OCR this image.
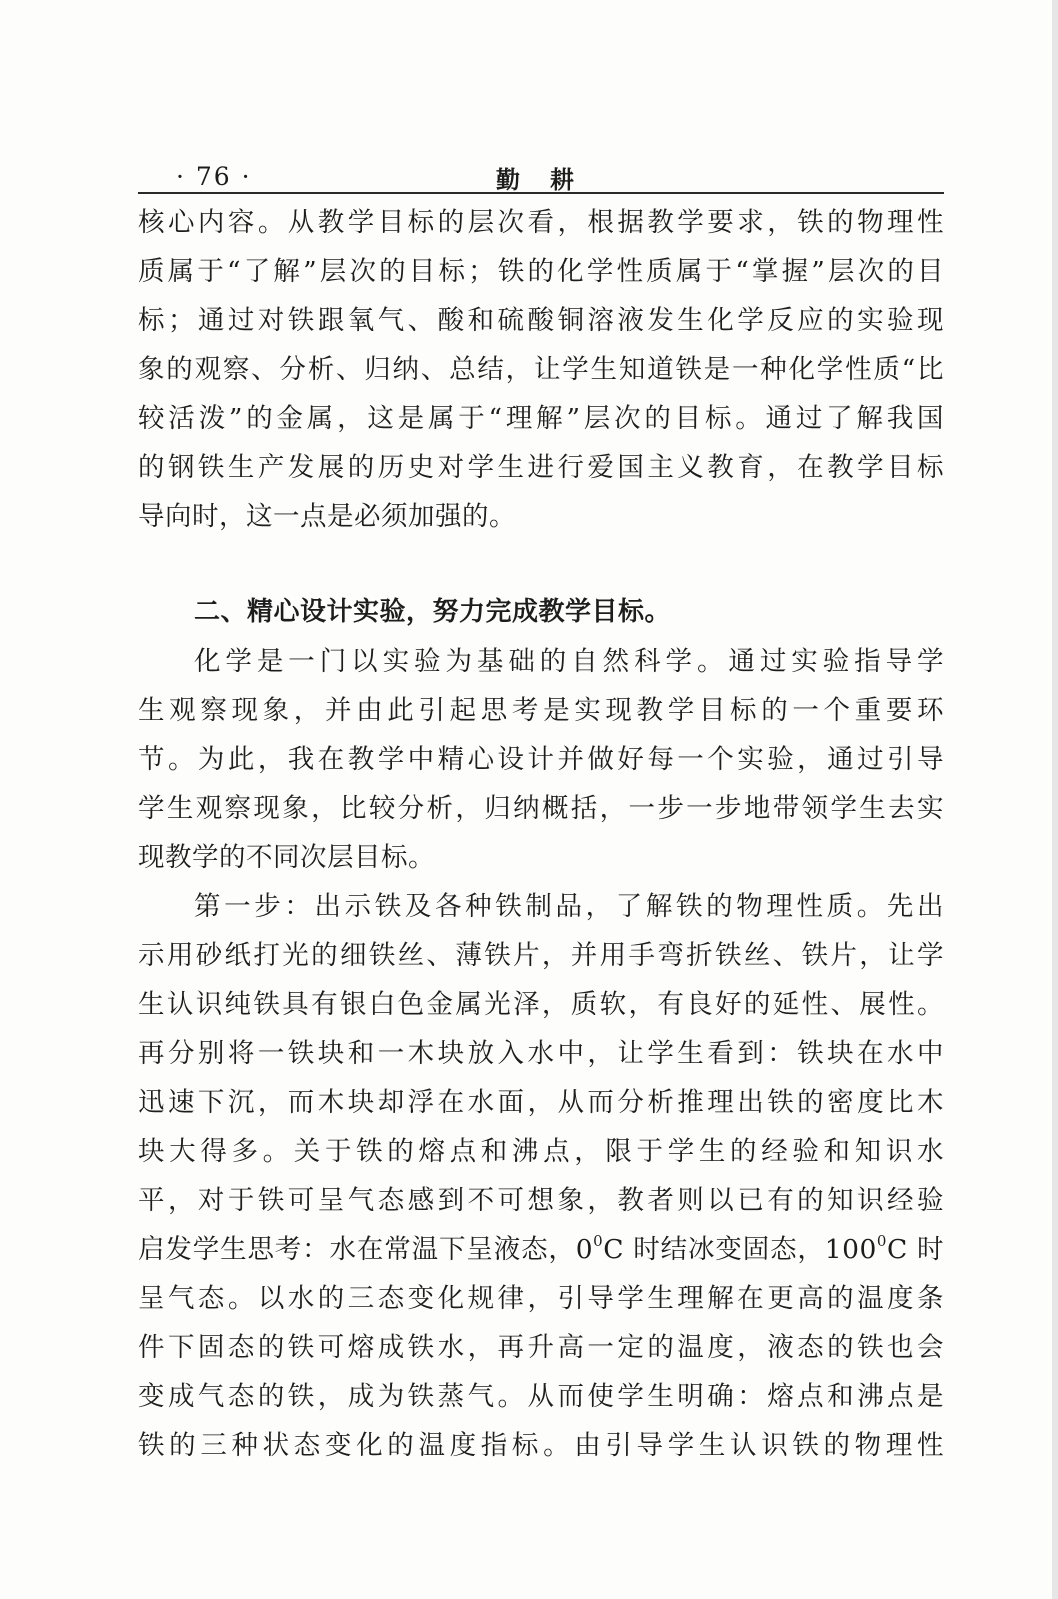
· 76 ·	勤耕
核心内容。从教学目标的层次看，根据教学要求，铁的物理性
质属于“了解”层次的目标；铁的化学性质属于“掌握”层次的目
标；通过对铁跟氧气、酸和硫酸铜溶液发生化学反应的实验现
象的观察、分析、归纳、总结，让学生知道铁是一种化学性质“比
较活泼”的金属，这是属于“理解”层次的目标。通过了解我国
的钢铁生产发展的历史对学生进行爱国主义教育，在教学目标
导向时，这一点是必须加强的。
二、精心设计实验，努力完成教学目标。
化学是一门以实验为基础的自然科学。通过实验指导学
生观察现象，并由此引起思考是实现教学目标的一个重要环
节。为此，我在教学中精心设计并做好每一个实验，通过引导
学生观察现象，比较分析，归纳概括，一步一步地带领学生去实
现教学的不同次层目标。
第一步：出示铁及各种铁制品，了解铁的物理性质。先出
示用砂纸打光的细铁丝、薄铁片，并用手弯折铁丝、铁片，让学
生认识纯铁具有银白色金属光泽，质软，有良好的延性、展性。
再分别将一铁块和一木块放入水中，让学生看到：铁块在水中
迅速下沉，而木块却浮在水面，从而分析推理出铁的密度比木
块大得多。关于铁的熔点和沸点，限于学生的经验和知识水
平，对于铁可呈气态感到不可想象，教者则以已有的知识经验
启发学生思考：水在常温下呈液态，$0^0C$ 时结冰变固态，$100^0C$ 时
呈气态。以水的三态变化规律，引导学生理解在更高的温度条
件下固态的铁可熔成铁水，再升高一定的温度，液态的铁也会
变成气态的铁，成为铁蒸气。从而使学生明确：熔点和沸点是
铁的三种状态变化的温度指标。由引导学生认识铁的物理性
